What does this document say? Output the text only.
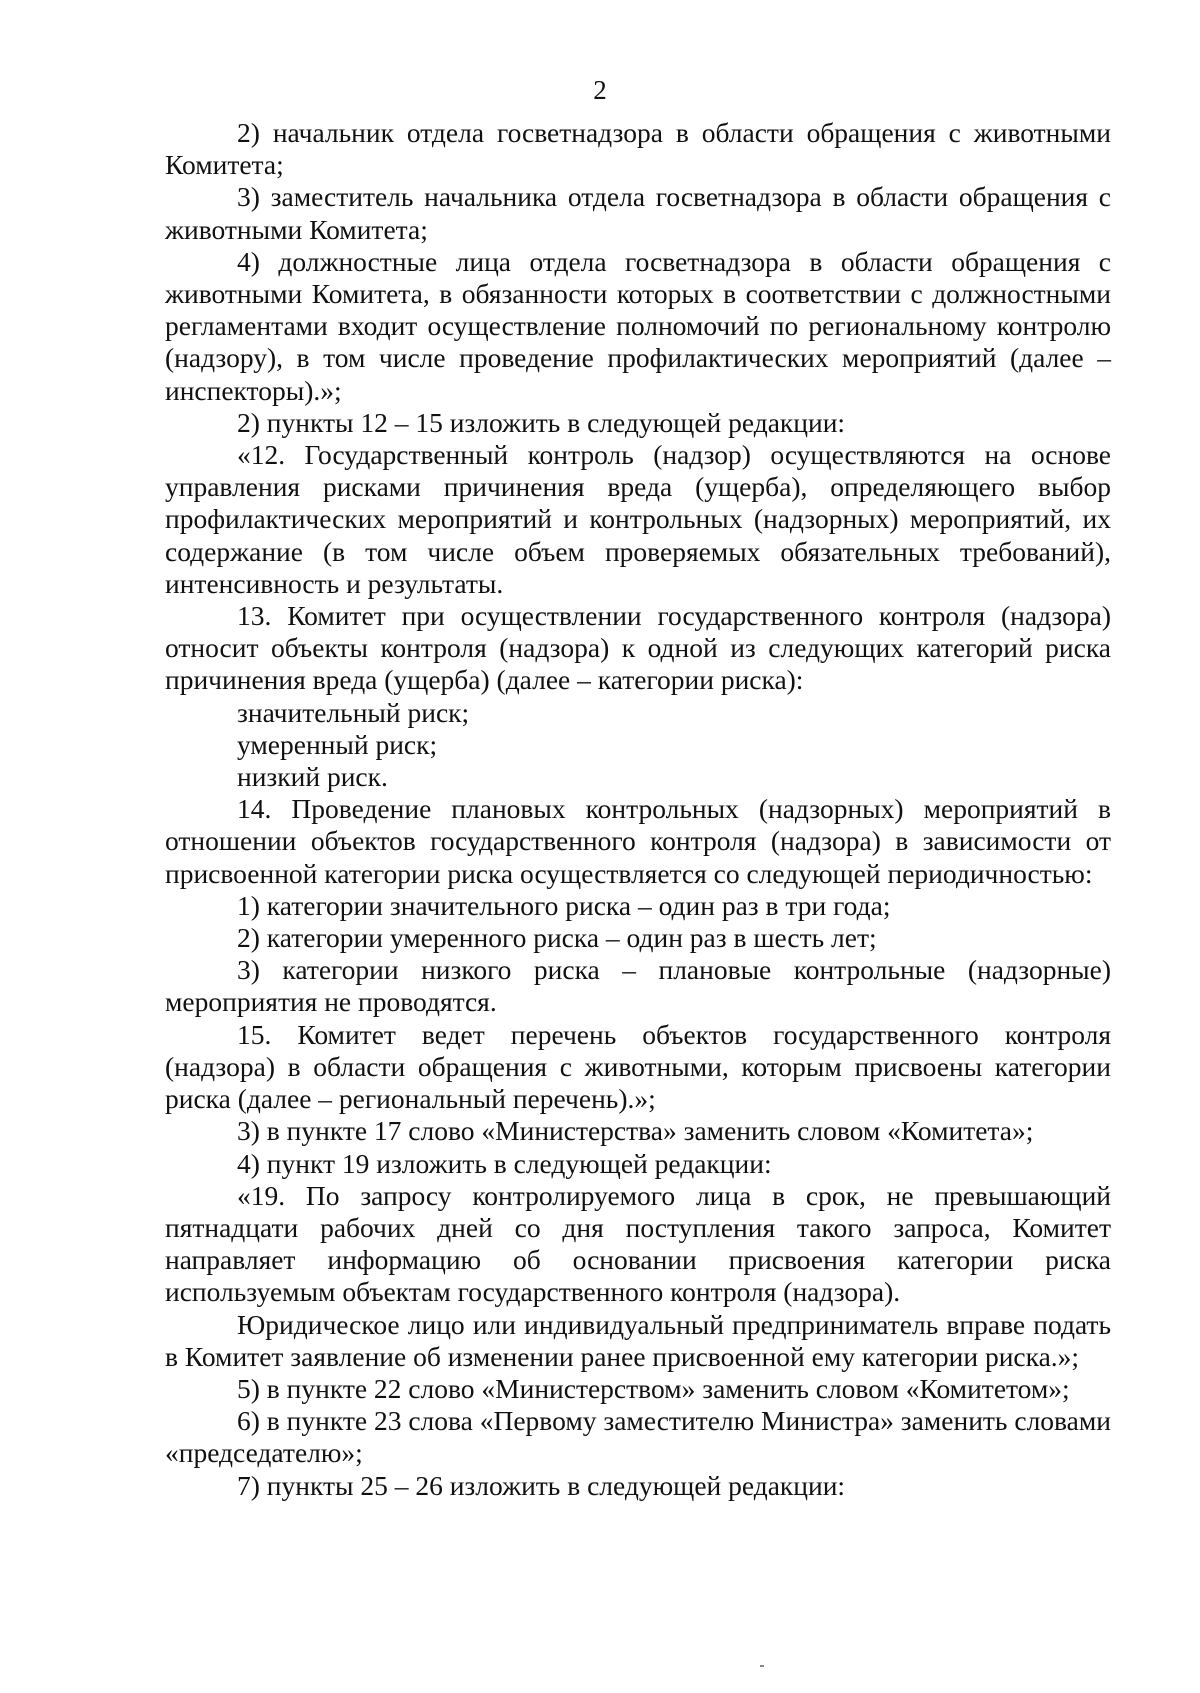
2

2) начальник отдела госветнадзора в области обращения с животными Комитета;

3) заместитель начальника отдела госветнадзора в области обращения с животными Комитета;

4) должностные лица отдела госветнадзора в области обращения с животными Комитета, в обязанности которых в соответствии с должностными регламентами входит осуществление полномочий по региональному контролю (надзору), в том числе проведение профилактических мероприятий (далее – инспекторы).»;

2) пункты 12 – 15 изложить в следующей редакции:

«12. Государственный контроль (надзор) осуществляются на основе управления рисками причинения вреда (ущерба), определяющего выбор профилактических мероприятий и контрольных (надзорных) мероприятий, их содержание (в том числе объем проверяемых обязательных требований), интенсивность и результаты.

13. Комитет при осуществлении государственного контроля (надзора) относит объекты контроля (надзора) к одной из следующих категорий риска причинения вреда (ущерба) (далее – категории риска):

значительный риск;

умеренный риск;

низкий риск.

14. Проведение плановых контрольных (надзорных) мероприятий в отношении объектов государственного контроля (надзора) в зависимости от присвоенной категории риска осуществляется со следующей периодичностью:

1) категории значительного риска – один раз в три года;

2) категории умеренного риска – один раз в шесть лет;

3) категории низкого риска – плановые контрольные (надзорные) мероприятия не проводятся.

15. Комитет ведет перечень объектов государственного контроля (надзора) в области обращения с животными, которым присвоены категории риска (далее – региональный перечень).»;

3) в пункте 17 слово «Министерства» заменить словом «Комитета»;

4) пункт 19 изложить в следующей редакции:

«19. По запросу контролируемого лица в срок, не превышающий пятнадцати рабочих дней со дня поступления такого запроса, Комитет направляет информацию об основании присвоения категории риска используемым объектам государственного контроля (надзора).

Юридическое лицо или индивидуальный предприниматель вправе подать в Комитет заявление об изменении ранее присвоенной ему категории риска.»;

5) в пункте 22 слово «Министерством» заменить словом «Комитетом»;

6) в пункте 23 слова «Первому заместителю Министра» заменить словами «председателю»;

7) пункты 25 – 26 изложить в следующей редакции:
